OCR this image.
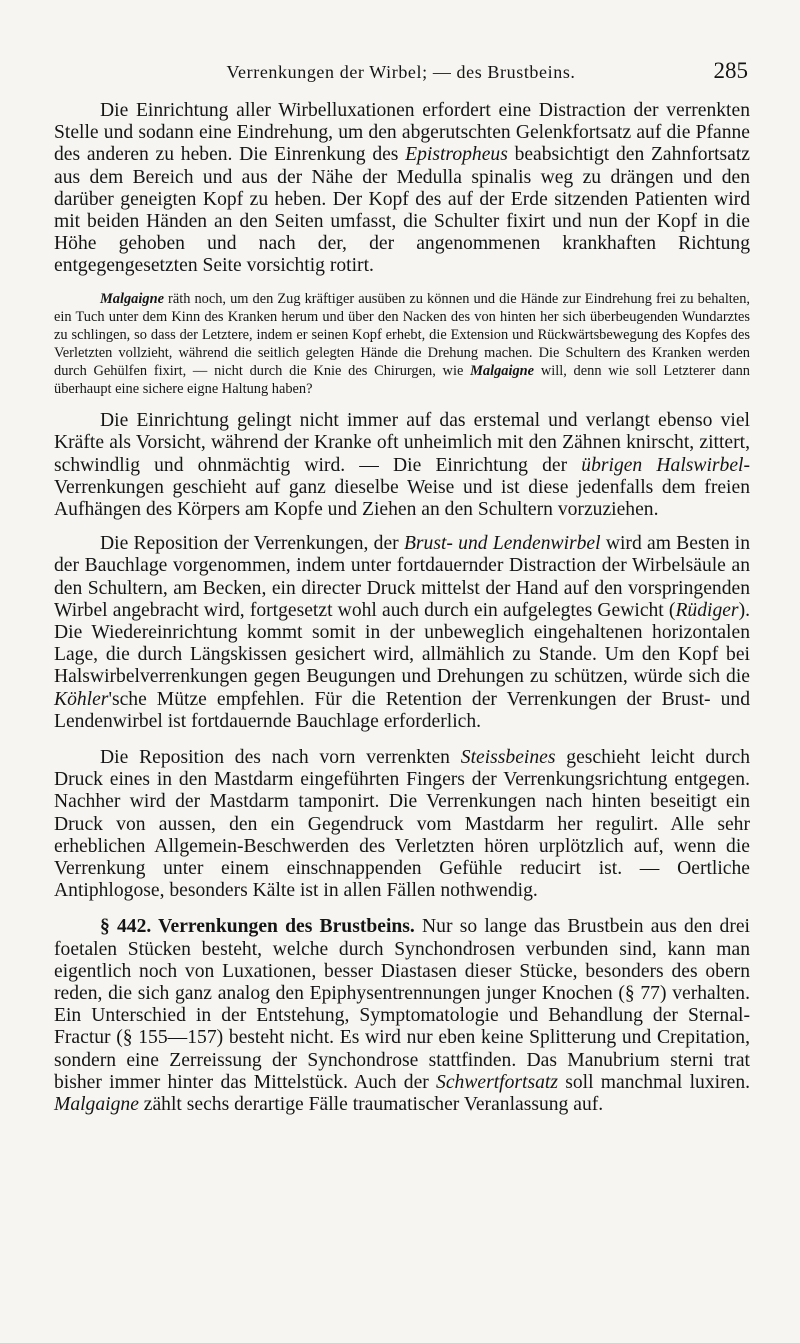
Verrenkungen der Wirbel; — des Brustbeins.	285

Die Einrichtung aller Wirbelluxationen erfordert eine Distraction der verrenkten Stelle und sodann eine Eindrehung, um den abgerutschten Gelenkfortsatz auf die Pfanne des anderen zu heben. Die Einrenkung des Epistropheus beabsichtigt den Zahnfortsatz aus dem Bereich und aus der Nähe der Medulla spinalis weg zu drängen und den darüber geneigten Kopf zu heben. Der Kopf des auf der Erde sitzenden Patienten wird mit beiden Händen an den Seiten umfasst, die Schulter fixirt und nun der Kopf in die Höhe gehoben und nach der, der angenommenen krankhaften Richtung entgegengesetzten Seite vorsichtig rotirt.

Malgaigne räth noch, um den Zug kräftiger ausüben zu können und die Hände zur Eindrehung frei zu behalten, ein Tuch unter dem Kinn des Kranken herum und über den Nacken des von hinten her sich überbeugenden Wundarztes zu schlingen, so dass der Letztere, indem er seinen Kopf erhebt, die Extension und Rückwärtsbewegung des Kopfes des Verletzten vollzieht, während die seitlich gelegten Hände die Drehung machen. Die Schultern des Kranken werden durch Gehülfen fixirt, — nicht durch die Knie des Chirurgen, wie Malgaigne will, denn wie soll Letzterer dann überhaupt eine sichere eigne Haltung haben?

Die Einrichtung gelingt nicht immer auf das erstemal und verlangt ebenso viel Kräfte als Vorsicht, während der Kranke oft unheimlich mit den Zähnen knirscht, zittert, schwindlig und ohnmächtig wird. — Die Einrichtung der übrigen Halswirbel-Verrenkungen geschieht auf ganz dieselbe Weise und ist diese jedenfalls dem freien Aufhängen des Körpers am Kopfe und Ziehen an den Schultern vorzuziehen.

Die Reposition der Verrenkungen, der Brust- und Lendenwirbel wird am Besten in der Bauchlage vorgenommen, indem unter fortdauernder Distraction der Wirbelsäule an den Schultern, am Becken, ein directer Druck mittelst der Hand auf den vorspringenden Wirbel angebracht wird, fortgesetzt wohl auch durch ein aufgelegtes Gewicht (Rüdiger). Die Wiedereinrichtung kommt somit in der unbeweglich eingehaltenen horizontalen Lage, die durch Längskissen gesichert wird, allmählich zu Stande. Um den Kopf bei Halswirbelverrenkungen gegen Beugungen und Drehungen zu schützen, würde sich die Köhler'sche Mütze empfehlen. Für die Retention der Verrenkungen der Brust- und Lendenwirbel ist fortdauernde Bauchlage erforderlich.

Die Reposition des nach vorn verrenkten Steissbeines geschieht leicht durch Druck eines in den Mastdarm eingeführten Fingers der Verrenkungsrichtung entgegen. Nachher wird der Mastdarm tamponirt. Die Verrenkungen nach hinten beseitigt ein Druck von aussen, den ein Gegendruck vom Mastdarm her regulirt. Alle sehr erheblichen Allgemein-Beschwerden des Verletzten hören urplötzlich auf, wenn die Verrenkung unter einem einschnappenden Gefühle reducirt ist. — Oertliche Antiphlogose, besonders Kälte ist in allen Fällen nothwendig.

§ 442. Verrenkungen des Brustbeins. Nur so lange das Brustbein aus den drei foetalen Stücken besteht, welche durch Synchondrosen verbunden sind, kann man eigentlich noch von Luxationen, besser Diastasen dieser Stücke, besonders des obern reden, die sich ganz analog den Epiphysentrennungen junger Knochen (§ 77) verhalten. Ein Unterschied in der Entstehung, Symptomatologie und Behandlung der Sternal-Fractur (§ 155—157) besteht nicht. Es wird nur eben keine Splitterung und Crepitation, sondern eine Zerreissung der Synchondrose stattfinden. Das Manubrium sterni trat bisher immer hinter das Mittelstück. Auch der Schwertfortsatz soll manchmal luxiren. Malgaigne zählt sechs derartige Fälle traumatischer Veranlassung auf.
